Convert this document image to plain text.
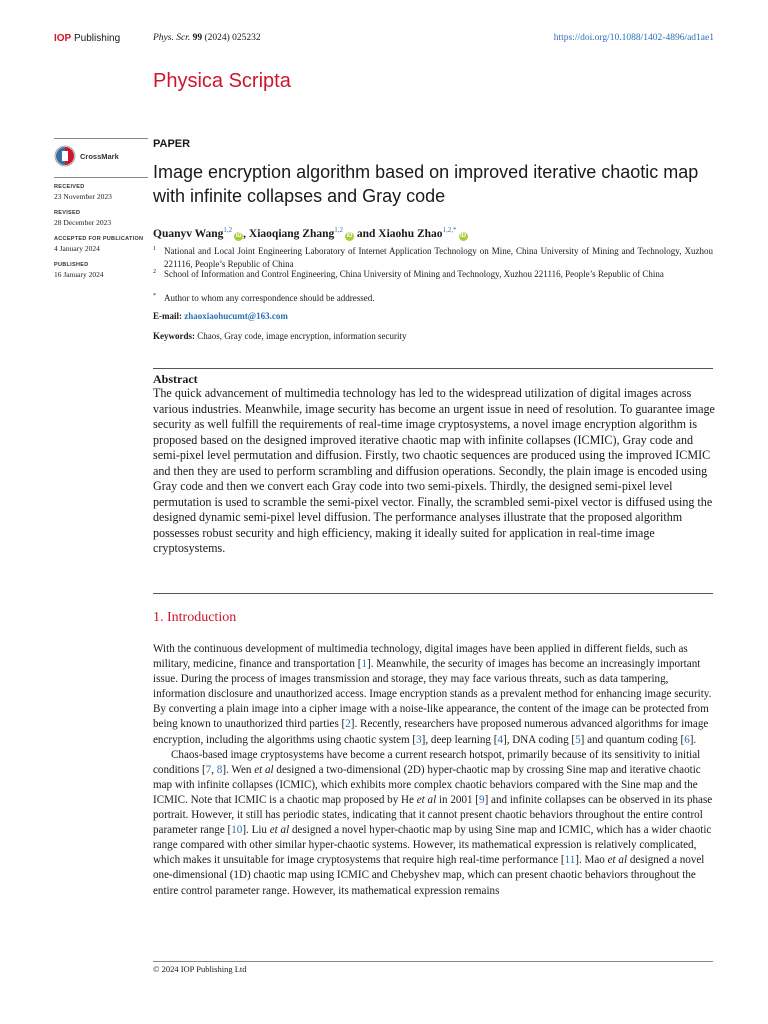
IOP Publishing	Phys. Scr. 99 (2024) 025232	https://doi.org/10.1088/1402-4896/ad1ae1
Physica Scripta
CrossMark
RECEIVED
23 November 2023
REVISED
28 December 2023
ACCEPTED FOR PUBLICATION
4 January 2024
PUBLISHED
16 January 2024
PAPER
Image encryption algorithm based on improved iterative chaotic map with infinite collapses and Gray code
Quanyv Wang$^{1,2}$iD , Xiaoqiang Zhang$^{1,2}$iD and Xiaohu Zhao$^{1,2,*}$iD
1 National and Local Joint Engineering Laboratory of Internet Application Technology on Mine, China University of Mining and Technology, Xuzhou 221116, People’s Republic of China
2 School of Information and Control Engineering, China University of Mining and Technology, Xuzhou 221116, People’s Republic of China
* Author to whom any correspondence should be addressed.
E-mail: zhaoxiaohucumt@163.com
Keywords: Chaos, Gray code, image encryption, information security
Abstract
The quick advancement of multimedia technology has led to the widespread utilization of digital images across various industries. Meanwhile, image security has become an urgent issue in need of resolution. To guarantee image security as well fulfill the requirements of real-time image cryptosystems, a novel image encryption algorithm is proposed based on the designed improved iterative chaotic map with infinite collapses (ICMIC), Gray code and semi-pixel level permutation and diffusion. Firstly, two chaotic sequences are produced using the improved ICMIC and then they are used to perform scrambling and diffusion operations. Secondly, the plain image is encoded using Gray code and then we convert each Gray code into two semi-pixels. Thirdly, the designed semi-pixel level permutation is used to scramble the semi-pixel vector. Finally, the scrambled semi-pixel vector is diffused using the designed dynamic semi-pixel level diffusion. The performance analyses illustrate that the proposed algorithm possesses robust security and high efficiency, making it ideally suited for application in real-time image cryptosystems.
1. Introduction

With the continuous development of multimedia technology, digital images have been applied in different fields, such as military, medicine, finance and transportation [1]. Meanwhile, the security of images has become an increasingly important issue. During the process of images transmission and storage, they may face various threats, such as data tampering, information disclosure and unauthorized access. Image encryption stands as a prevalent method for enhancing image security. By converting a plain image into a cipher image with a noise-like appearance, the content of the image can be protected from being known to unauthorized third parties [2]. Recently, researchers have proposed numerous advanced algorithms for image encryption, including the algorithms using chaotic system [3], deep learning [4], DNA coding [5] and quantum coding [6].

Chaos-based image cryptosystems have become a current research hotspot, primarily because of its sensitivity to initial conditions [7, 8]. Wen et al designed a two-dimensional (2D) hyper-chaotic map by crossing Sine map and iterative chaotic map with infinite collapses (ICMIC), which exhibits more complex chaotic behaviors compared with the Sine map and the ICMIC. Note that ICMIC is a chaotic map proposed by He et al in 2001 [9] and infinite collapses can be observed in its phase portrait. However, it still has periodic states, indicating that it cannot present chaotic behaviors throughout the entire control parameter range [10]. Liu et al designed a novel hyper-chaotic map by using Sine map and ICMIC, which has a wider chaotic range compared with other similar hyper-chaotic systems. However, its mathematical expression is relatively complicated, which makes it unsuitable for image cryptosystems that require high real-time performance [11]. Mao et al designed a novel one-dimensional (1D) chaotic map using ICMIC and Chebyshev map, which can present chaotic behaviors throughout the entire control parameter range. However, its mathematical expression remains

© 2024 IOP Publishing Ltd
